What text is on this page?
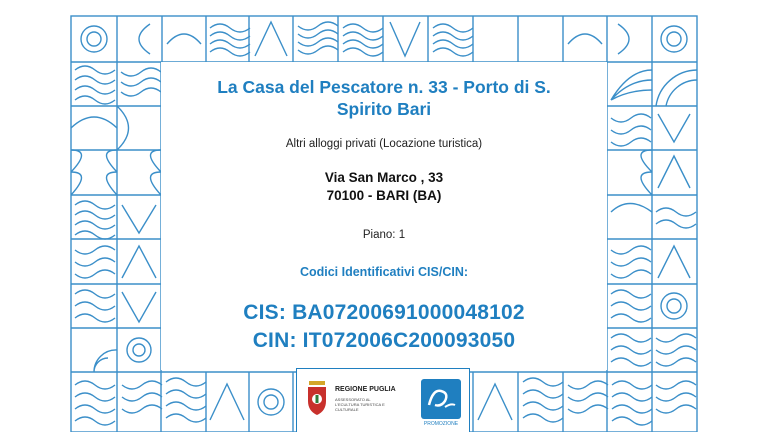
La Casa del Pescatore n. 33 - Porto di S. Spirito Bari
Altri alloggi privati (Locazione turistica)
Via San Marco , 33
70100 - BARI (BA)
Piano: 1
Codici Identificativi CIS/CIN:
CIS: BA07200691000048102
CIN: IT072006C200093050
REGIONE PUGLIA
ASSESSORATO AL L'ECULTURA TURISTICA E CULTURALE
PROMOZIONE
